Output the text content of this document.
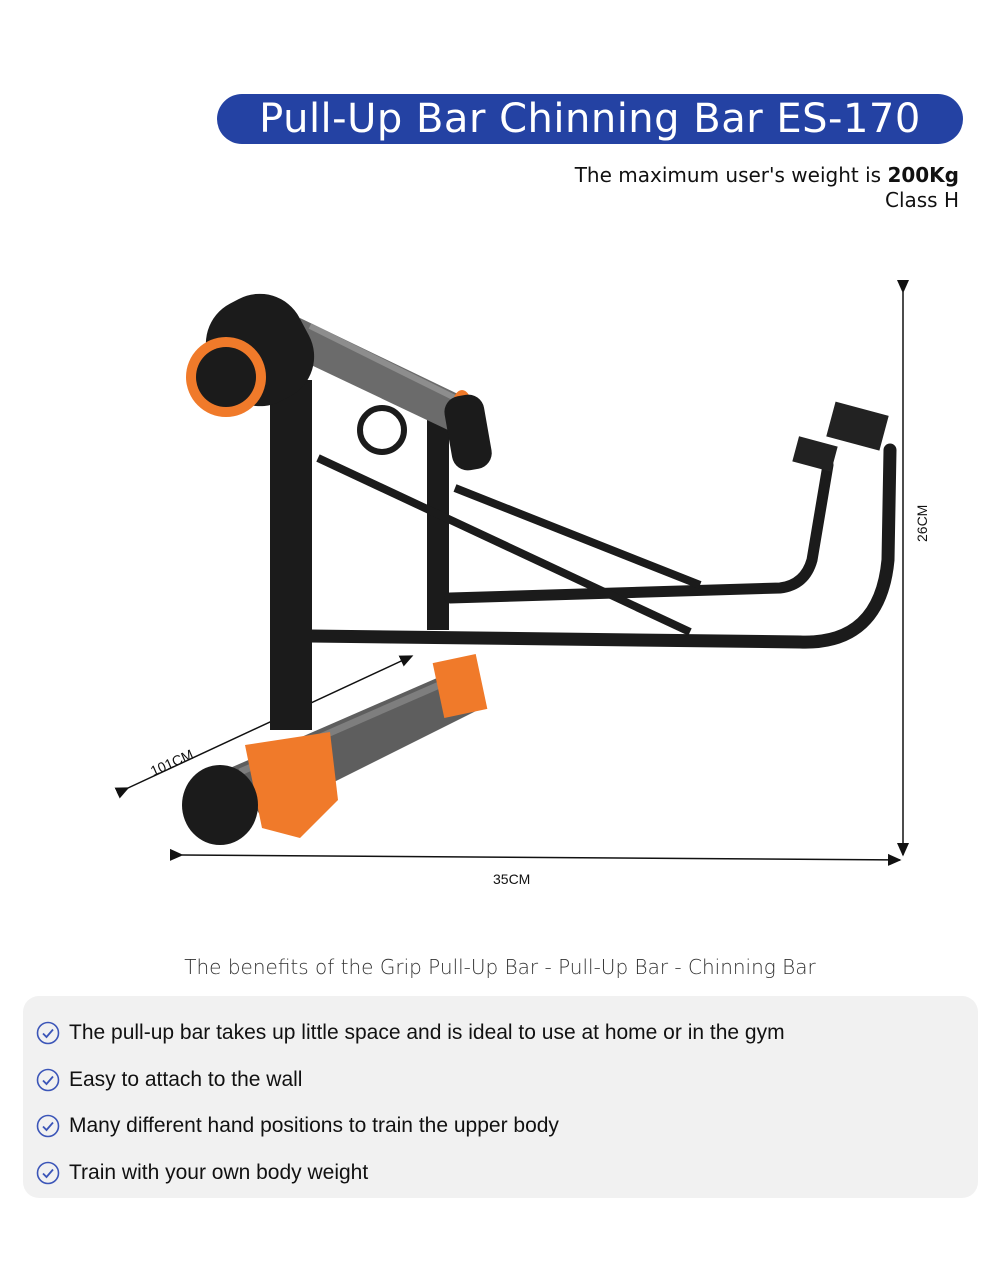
Pull-Up Bar Chinning Bar ES-170
The maximum user's weight is 200Kg
Class H
101CM
35CM
26CM
The benefits of the Grip Pull-Up Bar - Pull-Up Bar - Chinning Bar
The pull-up bar takes up little space and is ideal to use at home or in the gym
Easy to attach to the wall
Many different hand positions to train the upper body
Train with your own body weight
